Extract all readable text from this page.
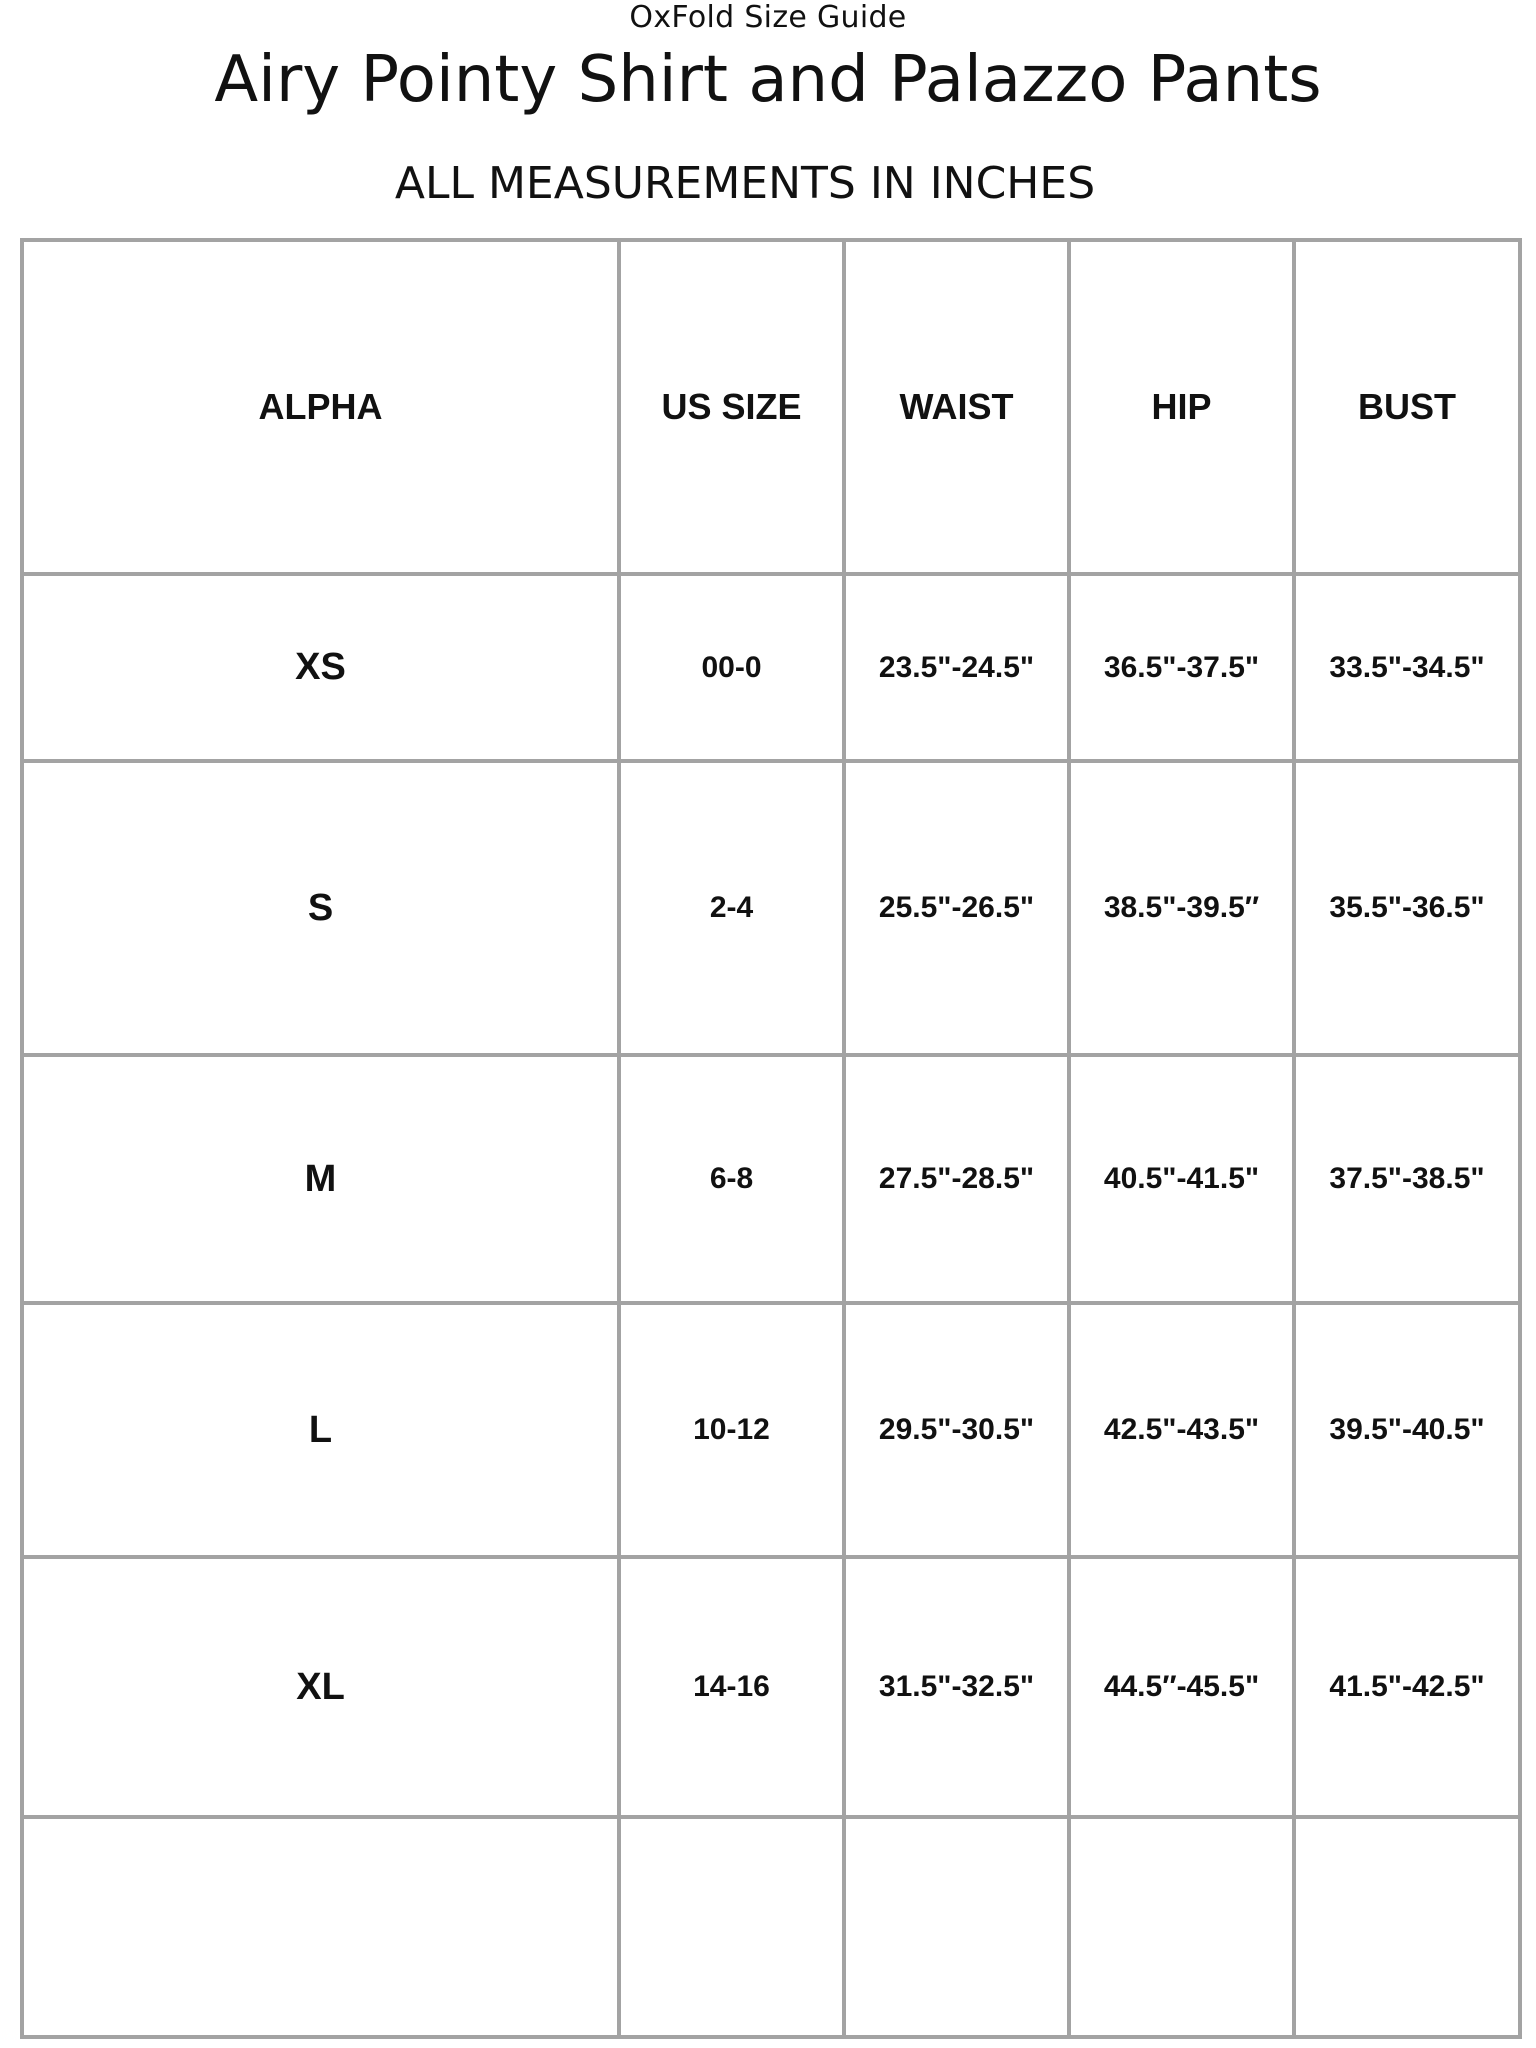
OxFold Size Guide
Airy Pointy Shirt and Palazzo Pants
ALL MEASUREMENTS IN INCHES
ALPHA	US SIZE	WAIST	HIP	BUST
XS	00-0	23.5"-24.5"	36.5"-37.5"	33.5"-34.5"
S	2-4	25.5"-26.5"	38.5"-39.5″	35.5"-36.5"
M	6-8	27.5"-28.5"	40.5"-41.5"	37.5"-38.5"
L	10-12	29.5"-30.5"	42.5"-43.5"	39.5"-40.5"
XL	14-16	31.5"-32.5"	44.5″-45.5"	41.5"-42.5"
